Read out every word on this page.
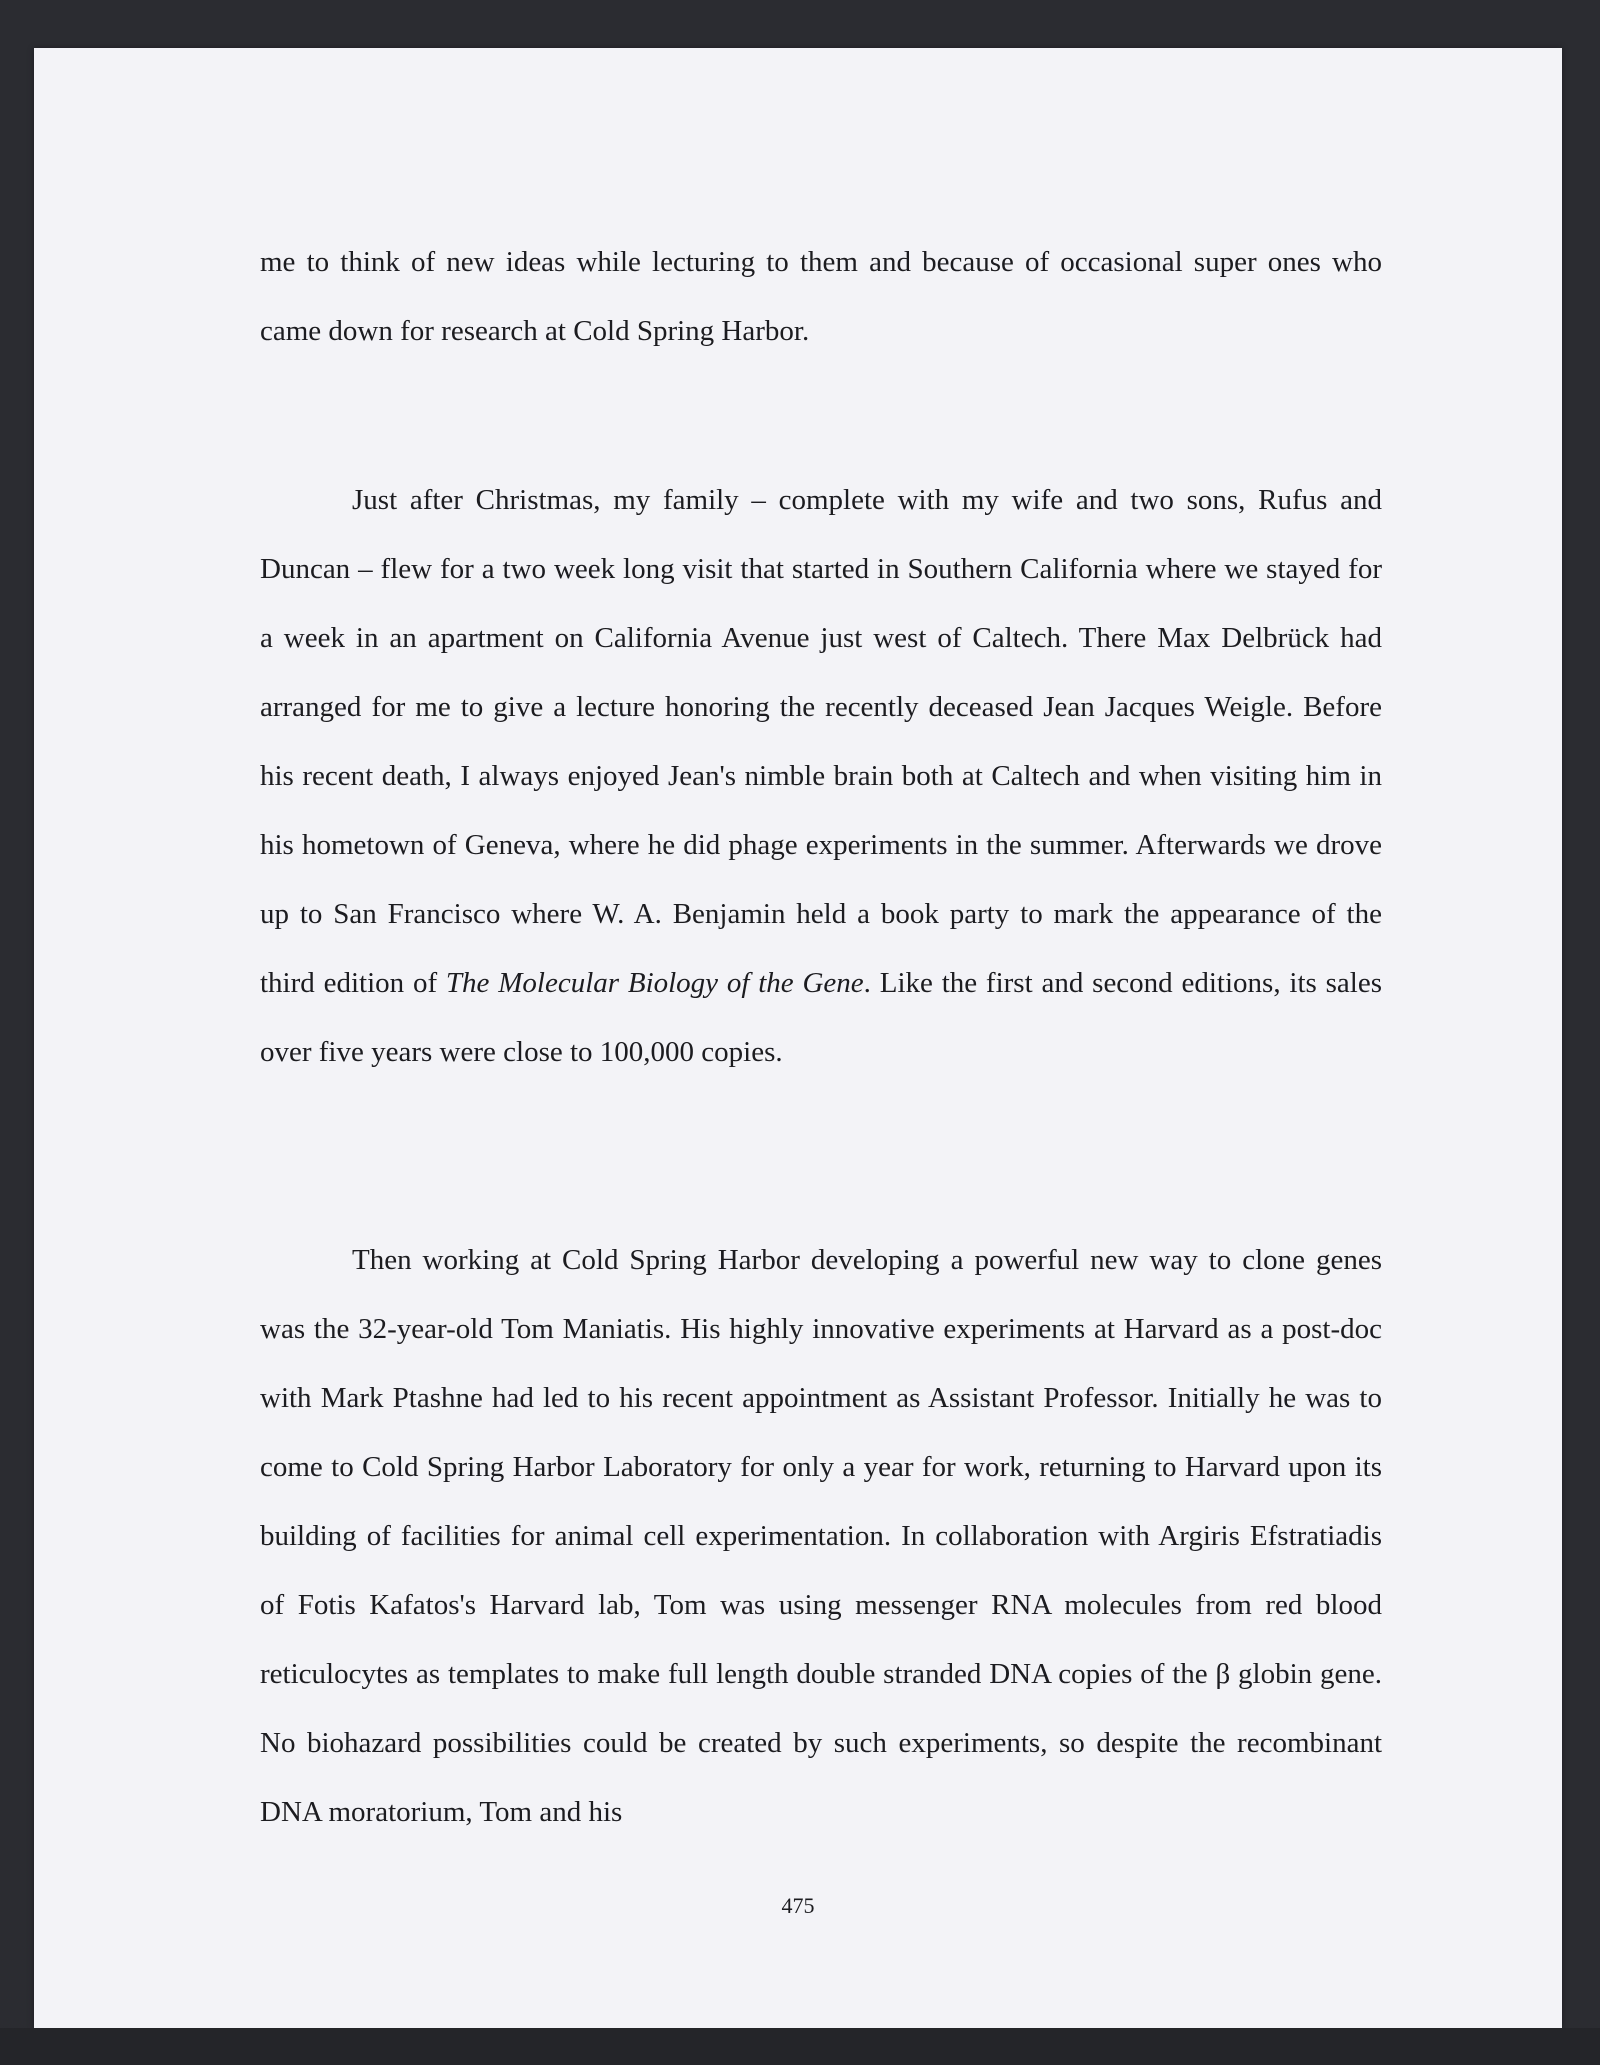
me to think of new ideas while lecturing to them and because of occasional super ones who came down for research at Cold Spring Harbor.

Just after Christmas, my family – complete with my wife and two sons, Rufus and Duncan – flew for a two week long visit that started in Southern California where we stayed for a week in an apartment on California Avenue just west of Caltech. There Max Delbrück had arranged for me to give a lecture honoring the recently deceased Jean Jacques Weigle. Before his recent death, I always enjoyed Jean's nimble brain both at Caltech and when visiting him in his hometown of Geneva, where he did phage experiments in the summer. Afterwards we drove up to San Francisco where W. A. Benjamin held a book party to mark the appearance of the third edition of The Molecular Biology of the Gene. Like the first and second editions, its sales over five years were close to 100,000 copies.

Then working at Cold Spring Harbor developing a powerful new way to clone genes was the 32-year-old Tom Maniatis. His highly innovative experiments at Harvard as a post-doc with Mark Ptashne had led to his recent appointment as Assistant Professor. Initially he was to come to Cold Spring Harbor Laboratory for only a year for work, returning to Harvard upon its building of facilities for animal cell experimentation. In collaboration with Argiris Efstratiadis of Fotis Kafatos's Harvard lab, Tom was using messenger RNA molecules from red blood reticulocytes as templates to make full length double stranded DNA copies of the β globin gene. No biohazard possibilities could be created by such experiments, so despite the recombinant DNA moratorium, Tom and his

475
